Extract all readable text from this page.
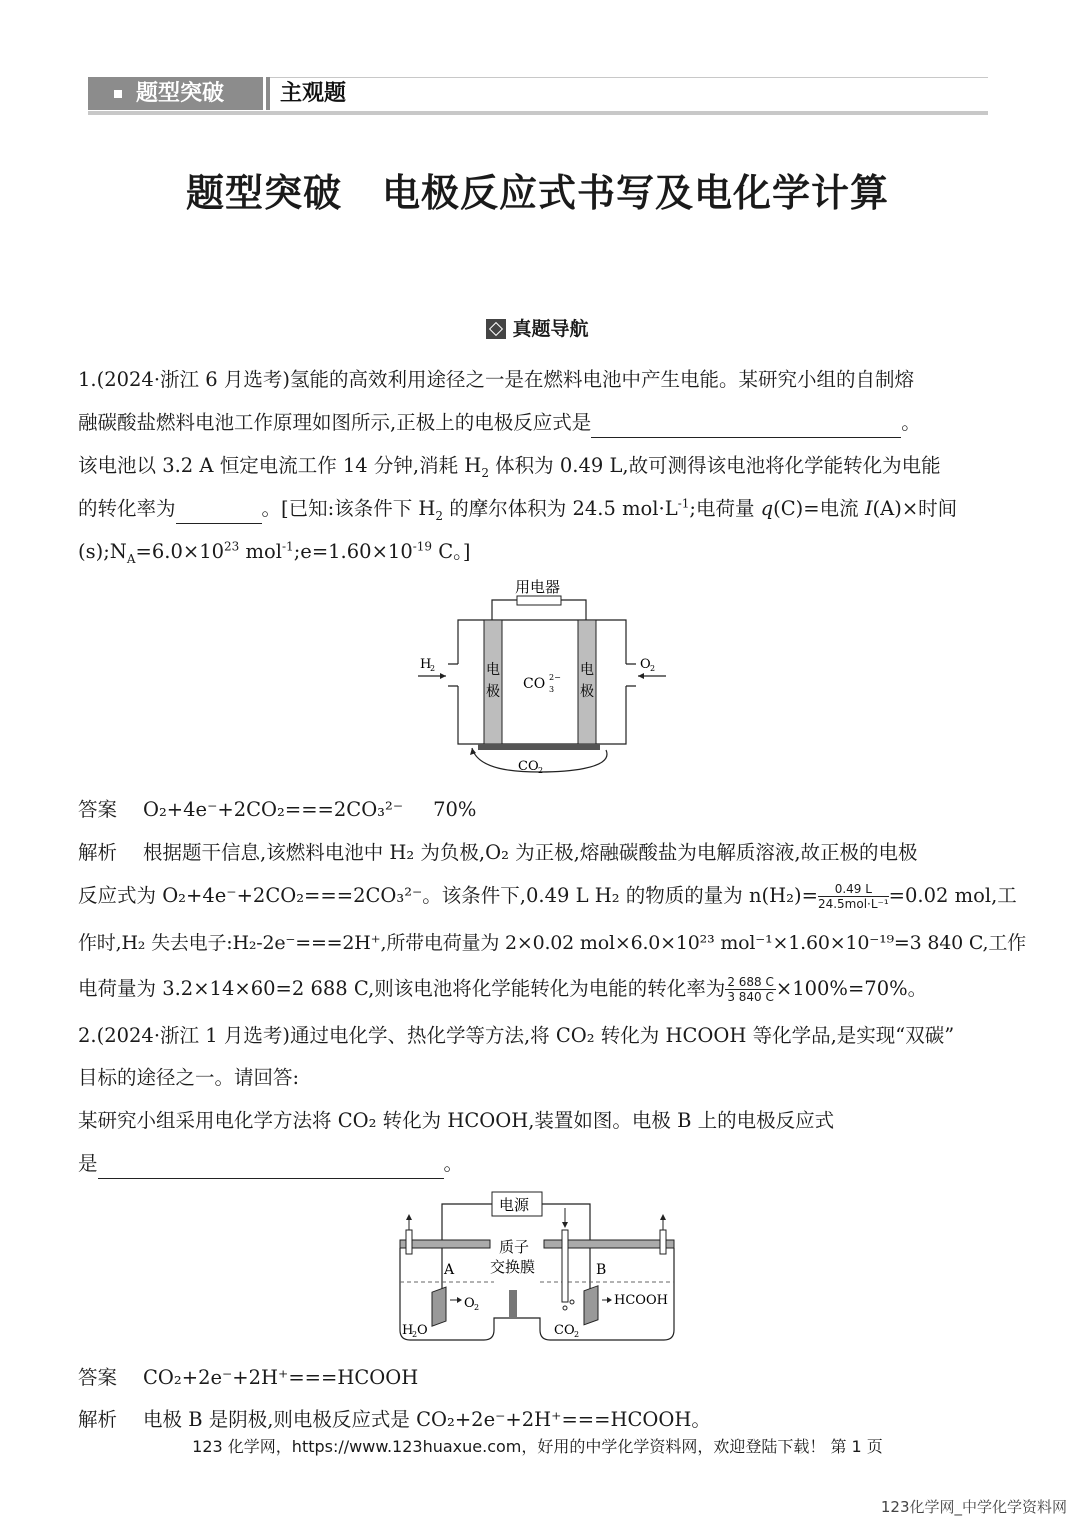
题型突破	主观题
题型突破 电极反应式书写及电化学计算
真题导航
1.(2024·浙江 6 月选考)氢能的高效利用途径之一是在燃料电池中产生电能。某研究小组的自制熔
融碳酸盐燃料电池工作原理如图所示,正极上的电极反应式是	。
该电池以 3.2 A 恒定电流工作 14 分钟,消耗 $H_2$ 体积为 0.49 L,故可测得该电池将化学能转化为电能
的转化率为	。[已知:该条件下 $H_2$ 的摩尔体积为 24.5 $mol\cdot L^{-1}$;电荷量 q(C)=电流 I(A)×时间
$(s);N_A=6.0\times 10^{23}$ $mol^{-1};e=1.60\times 10^{-19}$ C。]
用电器
电
极
电
极
CO 2−
3
H
2	O 2
CO 2
答案 O₂+4e⁻+2CO₂===2CO₃²⁻ 70%
解析 根据题干信息,该燃料电池中 H₂ 为负极,O₂ 为正极,熔融碳酸盐为电解质溶液,故正极的电极
反应式为 O₂+4e⁻+2CO₂===2CO₃²⁻。该条件下,0.49 L H₂ 的物质的量为 $n(H_2)= \frac{0.49 L}{\text{24.5mol·L⁻¹}} =0.02$ mol,工
作时,H₂ 失去电子:H₂-2e⁻===2H⁺,所带电荷量为 2×0.02 mol×6.0×10²³ mol⁻¹×1.60×10⁻¹⁹=3 840 C,工作
电荷量为 3.2×14×60=2 688 C,则该电池将化学能转化为电能的转化率为 $\frac{2 688 C}{3 840 C} \times 100\%=70\%$。
2.(2024·浙江 1 月选考)通过电化学、热化学等方法,将 CO₂ 转化为 HCOOH 等化学品,是实现“双碳”
目标的途径之一。请回答:
某研究小组采用电化学方法将 CO₂ 转化为 HCOOH,装置如图。电极 B 上的电极反应式
是	。
电源
质子
交换膜
A	B
O 2
H
2 O
HCOOH
CO 2
答案 CO₂+2e⁻+2H⁺===HCOOH
解析 电极 B 是阴极,则电极反应式是 CO₂+2e⁻+2H⁺===HCOOH。
123 化学网，https://www.123huaxue.com，好用的中学化学资料网，欢迎登陆下载！ 第 1 页
123化学网_中学化学资料网
